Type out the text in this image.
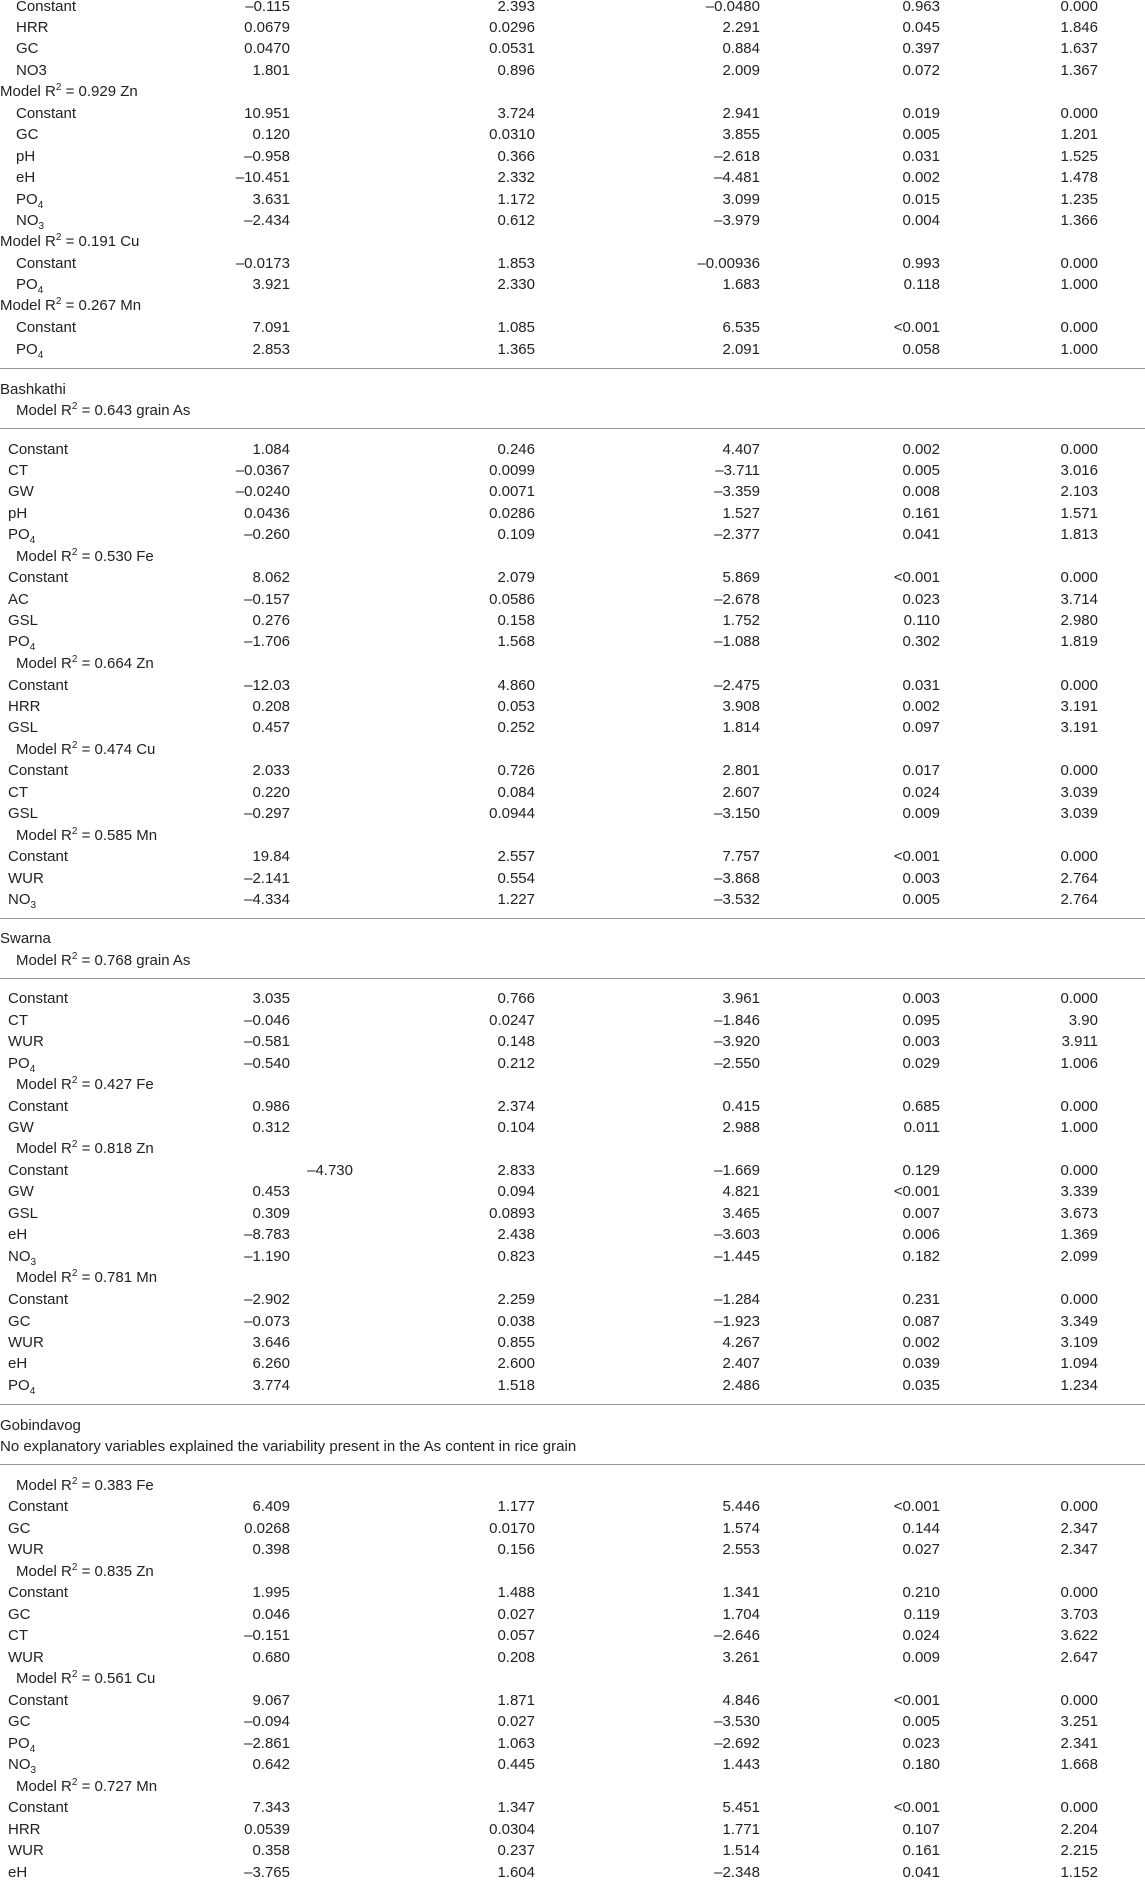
Constant	–0.115	2.393	–0.0480	0.963	0.000
HRR	0.0679	0.0296	2.291	0.045	1.846
GC	0.0470	0.0531	0.884	0.397	1.637
NO3	1.801	0.896	2.009	0.072	1.367
Model $R^2 = 0.929$ Zn
Constant	10.951	3.724	2.941	0.019	0.000
GC	0.120	0.0310	3.855	0.005	1.201
pH	–0.958	0.366	–2.618	0.031	1.525
eH	–10.451	2.332	–4.481	0.002	1.478
$PO_4$	3.631	1.172	3.099	0.015	1.235
$NO_3$	–2.434	0.612	–3.979	0.004	1.366
Model $R^2 = 0.191$ Cu
Constant	–0.0173	1.853	–0.00936	0.993	0.000
$PO_4$	3.921	2.330	1.683	0.118	1.000
Model $R^2 = 0.267$ Mn
Constant	7.091	1.085	6.535	<0.001	0.000
$PO_4$	2.853	1.365	2.091	0.058	1.000
Bashkathi
Model $R^2 = 0.643$ grain As
Constant	1.084	0.246	4.407	0.002	0.000
CT	–0.0367	0.0099	–3.711	0.005	3.016
GW	–0.0240	0.0071	–3.359	0.008	2.103
pH	0.0436	0.0286	1.527	0.161	1.571
$PO_4$	–0.260	0.109	–2.377	0.041	1.813
Model $R^2 = 0.530$ Fe
Constant	8.062	2.079	5.869	<0.001	0.000
AC	–0.157	0.0586	–2.678	0.023	3.714
GSL	0.276	0.158	1.752	0.110	2.980
$PO_4$	–1.706	1.568	–1.088	0.302	1.819
Model $R^2 = 0.664$ Zn
Constant	–12.03	4.860	–2.475	0.031	0.000
HRR	0.208	0.053	3.908	0.002	3.191
GSL	0.457	0.252	1.814	0.097	3.191
Model $R^2 = 0.474$ Cu
Constant	2.033	0.726	2.801	0.017	0.000
CT	0.220	0.084	2.607	0.024	3.039
GSL	–0.297	0.0944	–3.150	0.009	3.039
Model $R^2 = 0.585$ Mn
Constant	19.84	2.557	7.757	<0.001	0.000
WUR	–2.141	0.554	–3.868	0.003	2.764
$NO_3$	–4.334	1.227	–3.532	0.005	2.764
Swarna
Model $R^2 = 0.768$ grain As
Constant	3.035	0.766	3.961	0.003	0.000
CT	–0.046	0.0247	–1.846	0.095	3.90
WUR	–0.581	0.148	–3.920	0.003	3.911
$PO_4$	–0.540	0.212	–2.550	0.029	1.006
Model $R^2 = 0.427$ Fe
Constant	0.986	2.374	0.415	0.685	0.000
GW	0.312	0.104	2.988	0.011	1.000
Model $R^2 = 0.818$ Zn
Constant	–4.730	2.833	–1.669	0.129	0.000
GW	0.453	0.094	4.821	<0.001	3.339
GSL	0.309	0.0893	3.465	0.007	3.673
eH	–8.783	2.438	–3.603	0.006	1.369
$NO_3$	–1.190	0.823	–1.445	0.182	2.099
Model $R^2 = 0.781$ Mn
Constant	–2.902	2.259	–1.284	0.231	0.000
GC	–0.073	0.038	–1.923	0.087	3.349
WUR	3.646	0.855	4.267	0.002	3.109
eH	6.260	2.600	2.407	0.039	1.094
$PO_4$	3.774	1.518	2.486	0.035	1.234
Gobindavog
No explanatory variables explained the variability present in the As content in rice grain
Model $R^2 = 0.383$ Fe
Constant	6.409	1.177	5.446	<0.001	0.000
GC	0.0268	0.0170	1.574	0.144	2.347
WUR	0.398	0.156	2.553	0.027	2.347
Model $R^2 = 0.835$ Zn
Constant	1.995	1.488	1.341	0.210	0.000
GC	0.046	0.027	1.704	0.119	3.703
CT	–0.151	0.057	–2.646	0.024	3.622
WUR	0.680	0.208	3.261	0.009	2.647
Model $R^2 = 0.561$ Cu
Constant	9.067	1.871	4.846	<0.001	0.000
GC	–0.094	0.027	–3.530	0.005	3.251
$PO_4$	–2.861	1.063	–2.692	0.023	2.341
$NO_3$	0.642	0.445	1.443	0.180	1.668
Model $R^2 = 0.727$ Mn
Constant	7.343	1.347	5.451	<0.001	0.000
HRR	0.0539	0.0304	1.771	0.107	2.204
WUR	0.358	0.237	1.514	0.161	2.215
eH	–3.765	1.604	–2.348	0.041	1.152
